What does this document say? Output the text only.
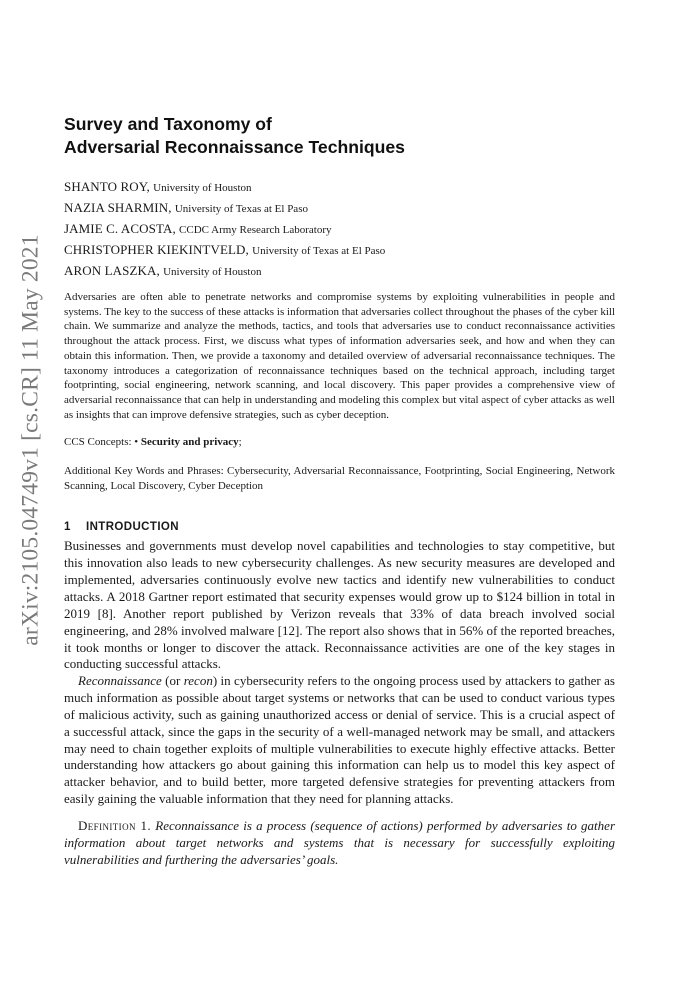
arXiv:2105.04749v1 [cs.CR] 11 May 2021
Survey and Taxonomy of
Adversarial Reconnaissance Techniques
SHANTO ROY, University of Houston
NAZIA SHARMIN, University of Texas at El Paso
JAMIE C. ACOSTA, CCDC Army Research Laboratory
CHRISTOPHER KIEKINTVELD, University of Texas at El Paso
ARON LASZKA, University of Houston

Adversaries are often able to penetrate networks and compromise systems by exploiting vulnerabilities in people and systems. The key to the success of these attacks is information that adversaries collect throughout the phases of the cyber kill chain. We summarize and analyze the methods, tactics, and tools that adversaries use to conduct reconnaissance activities throughout the attack process. First, we discuss what types of information adversaries seek, and how and when they can obtain this information. Then, we provide a taxonomy and detailed overview of adversarial reconnaissance techniques. The taxonomy introduces a categorization of reconnaissance techniques based on the technical approach, including target footprinting, social engineering, network scanning, and local discovery. This paper provides a comprehensive view of adversarial reconnaissance that can help in understanding and modeling this complex but vital aspect of cyber attacks as well as insights that can improve defensive strategies, such as cyber deception.

CCS Concepts: • Security and privacy;

Additional Key Words and Phrases: Cybersecurity, Adversarial Reconnaissance, Footprinting, Social Engineering, Network Scanning, Local Discovery, Cyber Deception

1 INTRODUCTION

Businesses and governments must develop novel capabilities and technologies to stay competitive, but this innovation also leads to new cybersecurity challenges. As new security measures are developed and implemented, adversaries continuously evolve new tactics and identify new vulnerabilities to conduct attacks. A 2018 Gartner report estimated that security expenses would grow up to $124 billion in total in 2019 [8]. Another report published by Verizon reveals that 33% of data breach involved social engineering, and 28% involved malware [12]. The report also shows that in 56% of the reported breaches, it took months or longer to discover the attack. Reconnaissance activities are one of the key stages in conducting successful attacks.

Reconnaissance (or recon) in cybersecurity refers to the ongoing process used by attackers to gather as much information as possible about target systems or networks that can be used to conduct various types of malicious activity, such as gaining unauthorized access or denial of service. This is a crucial aspect of a successful attack, since the gaps in the security of a well-managed network may be small, and attackers may need to chain together exploits of multiple vulnerabilities to execute highly effective attacks. Better understanding how attackers go about gaining this information can help us to model this key aspect of attacker behavior, and to build better, more targeted defensive strategies for preventing attackers from easily gaining the valuable information that they need for planning attacks.

Definition 1. Reconnaissance is a process (sequence of actions) performed by adversaries to gather information about target networks and systems that is necessary for successfully exploiting vulnerabilities and furthering the adversaries’ goals.
